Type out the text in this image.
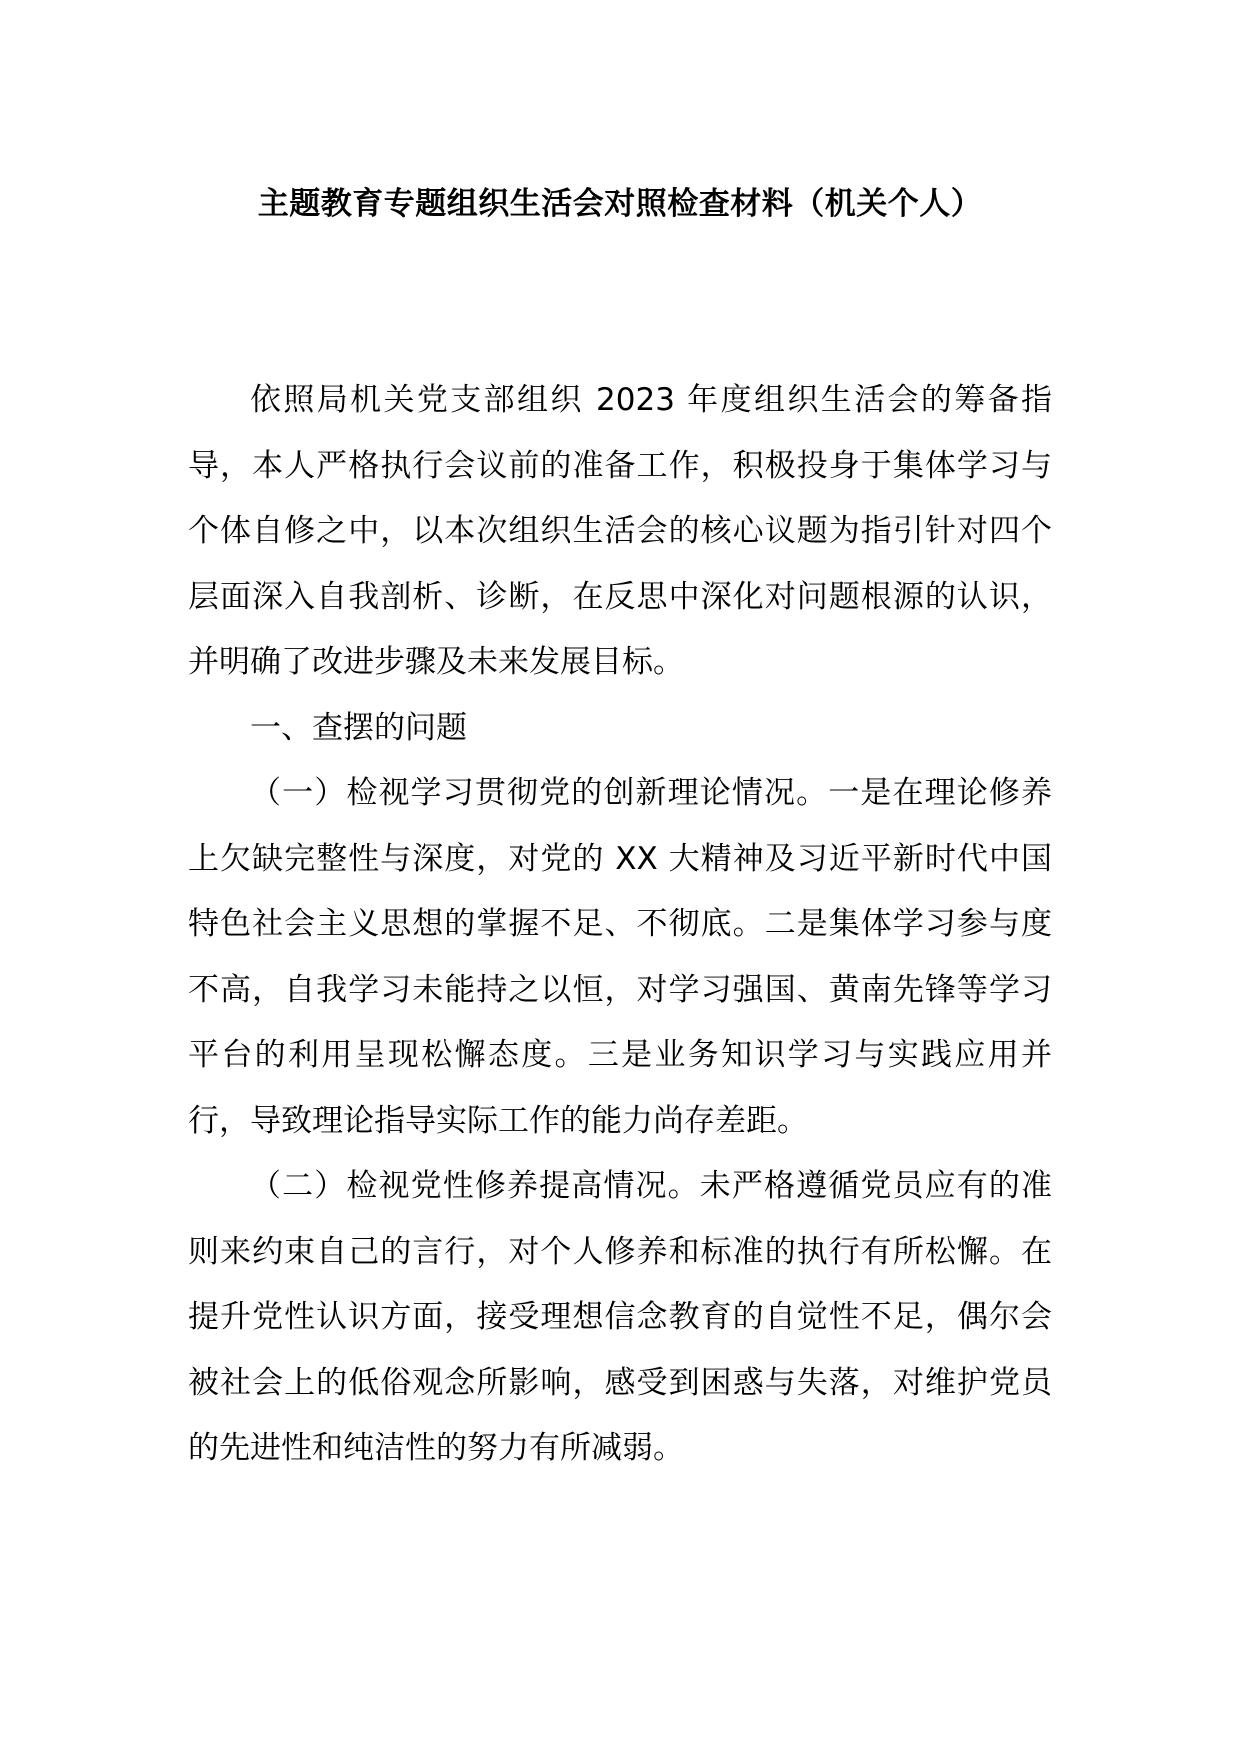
主题教育专题组织生活会对照检查材料（机关个人）

依照局机关党支部组织 2023 年度组织生活会的筹备指导，本人严格执行会议前的准备工作，积极投身于集体学习与个体自修之中，以本次组织生活会的核心议题为指引针对四个层面深入自我剖析、诊断，在反思中深化对问题根源的认识，并明确了改进步骤及未来发展目标。

一、查摆的问题

（一）检视学习贯彻党的创新理论情况。一是在理论修养上欠缺完整性与深度，对党的 XX 大精神及习近平新时代中国特色社会主义思想的掌握不足、不彻底。二是集体学习参与度不高，自我学习未能持之以恒，对学习强国、黄南先锋等学习平台的利用呈现松懈态度。三是业务知识学习与实践应用并行，导致理论指导实际工作的能力尚存差距。

（二）检视党性修养提高情况。未严格遵循党员应有的准则来约束自己的言行，对个人修养和标准的执行有所松懈。在提升党性认识方面，接受理想信念教育的自觉性不足，偶尔会被社会上的低俗观念所影响，感受到困惑与失落，对维护党员的先进性和纯洁性的努力有所减弱。
